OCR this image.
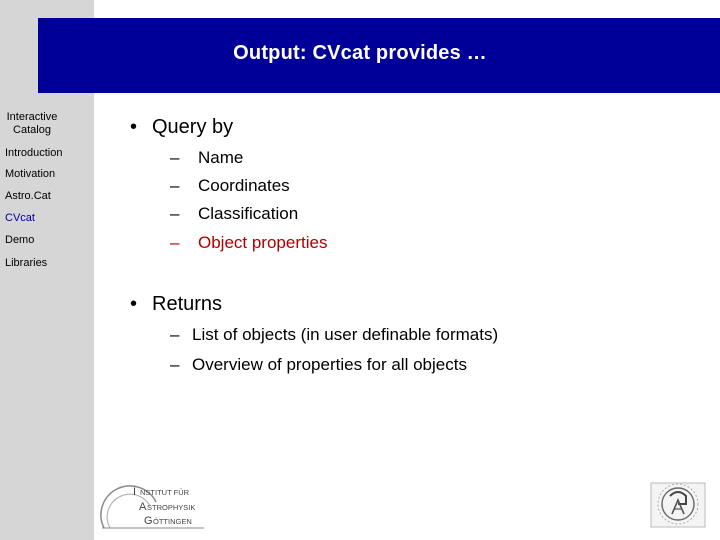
Output: CVcat provides …
Interactive Catalog
Introduction
Motivation
Astro.Cat
CVcat
Demo
Libraries
• Query by
– Name
– Coordinates
– Classification
– Object properties
• Returns
– List of objects (in user definable formats)
– Overview of properties for all objects
I NSTITUT FÜR
A STROPHYSIK
G ÖTTINGEN
